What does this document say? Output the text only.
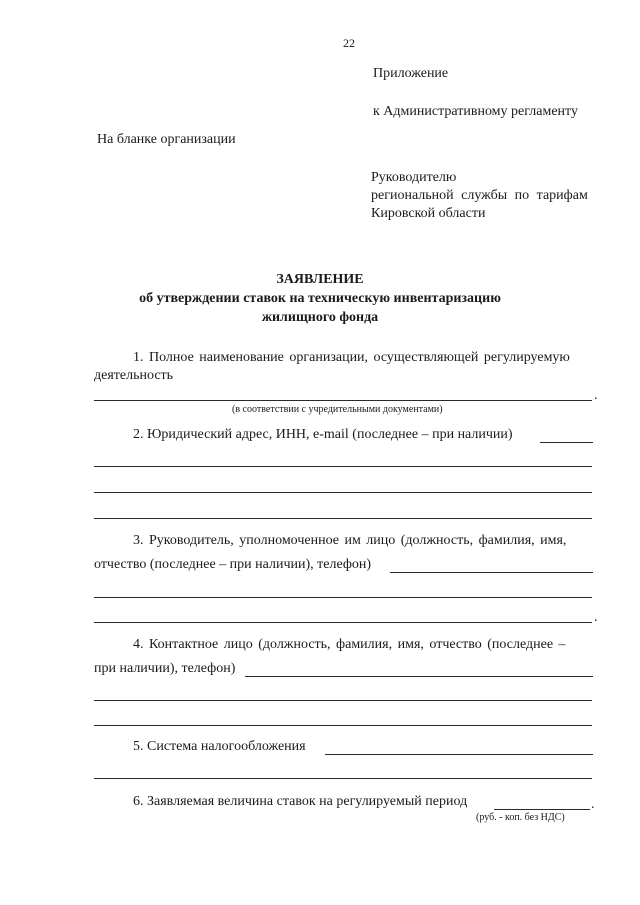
22
Приложение
к Административному регламенту
На бланке организации
Руководителю
региональной службы по тарифам
Кировской области
ЗАЯВЛЕНИЕ
об утверждении ставок на техническую инвентаризацию
жилищного фонда
1. Полное наименование организации, осуществляющей регулируемую
деятельность
.
(в соответствии с учредительными документами)
2. Юридический адрес, ИНН, e-mail (последнее – при наличии)
3. Руководитель, уполномоченное им лицо (должность, фамилия, имя,
отчество (последнее – при наличии), телефон)
.
4. Контактное лицо (должность, фамилия, имя, отчество (последнее –
при наличии), телефон)
5. Система налогообложения
6. Заявляемая величина ставок на регулируемый период	.
(руб. - коп. без НДС)
